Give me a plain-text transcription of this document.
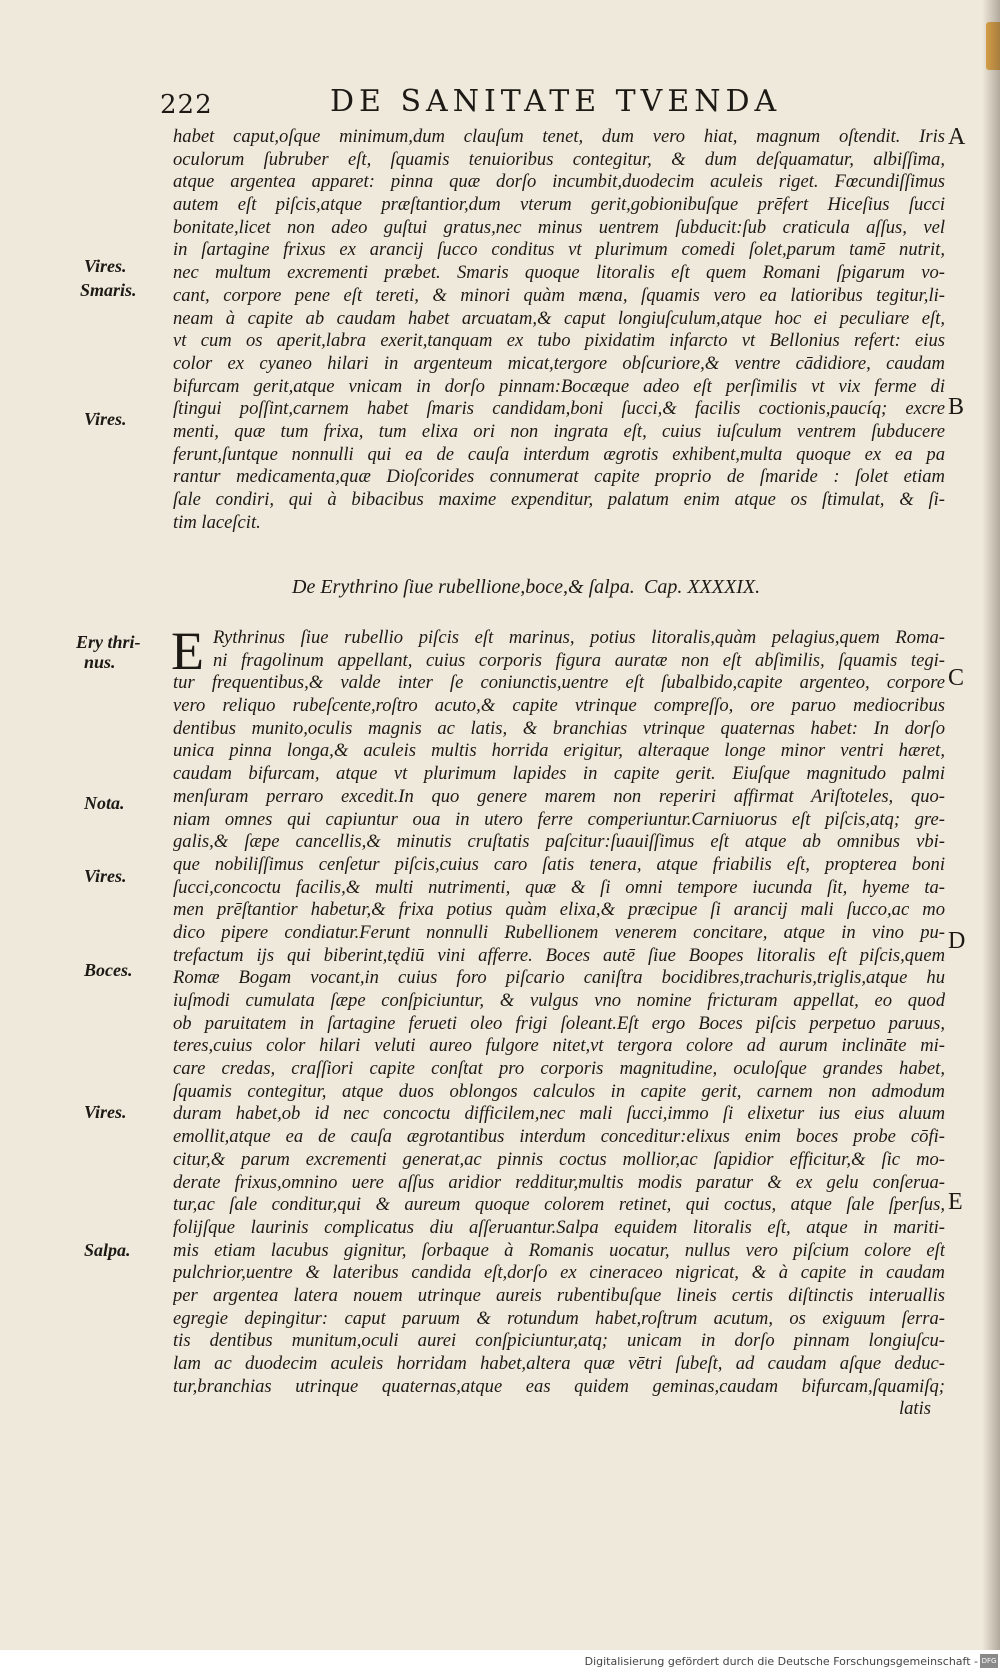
222	DE SANITATE TVENDA
Vires.
Smaris.
Vires.
Ery thri-
nus.
Nota.
Vires.
Boces.
Vires.
Salpa.
A
B
C
D
E
habet caput,oſque minimum,dum clauſum tenet, dum vero hiat, magnum oſtendit. Iris
oculorum ſubruber eſt, ſquamis tenuioribus contegitur, & dum deſquamatur, albiſſima,
atque argentea apparet: pinna quæ dorſo incumbit,duodecim aculeis riget. Fœcundiſſimus
autem eſt piſcis,atque præſtantior,dum vterum gerit,gobionibuſque prēfert Hiceſius ſucci
bonitate,licet non adeo guſtui gratus,nec minus uentrem ſubducit:ſub craticula aſſus, vel
in ſartagine frixus ex arancij ſucco conditus vt plurimum comedi ſolet,parum tamē nutrit,
nec multum excrementi præbet. Smaris quoque litoralis eſt quem Romani ſpigarum vo-
cant, corpore pene eſt tereti, & minori quàm mæna, ſquamis vero ea latioribus tegitur,li-
neam à capite ab caudam habet arcuatam,& caput longiuſculum,atque hoc ei peculiare eſt,
vt cum os aperit,labra exerit,tanquam ex tubo pixidatim infarcto vt Bellonius refert: eius
color ex cyaneo hilari in argenteum micat,tergore obſcuriore,& ventre cādidiore, caudam
bifurcam gerit,atque vnicam in dorſo pinnam:Bocæque adeo eſt perſimilis vt vix ferme di
ſtingui poſſint,carnem habet ſmaris candidam,boni ſucci,& facilis coctionis,paucíq; excre
menti, quæ tum frixa, tum elixa ori non ingrata eſt, cuius iuſculum ventrem ſubducere
ferunt,ſuntque nonnulli qui ea de cauſa interdum ægrotis exhibent,multa quoque ex ea pa
rantur medicamenta,quæ Dioſcorides connumerat capite proprio de ſmaride : ſolet etiam
ſale condiri, qui à bibacibus maxime expenditur, palatum enim atque os ſtimulat, & ſi-
tim laceſcit.
De Erythrino ſiue rubellione,boce,& ſalpa. Cap. XXXXIX.
E Rythrinus ſiue rubellio piſcis eſt marinus, potius litoralis,quàm pelagius,quem Roma-
ni fragolinum appellant, cuius corporis figura auratæ non eſt abſimilis, ſquamis tegi-
tur frequentibus,& valde inter ſe coniunctis,uentre eſt ſubalbido,capite argenteo, corpore
vero reliquo rubeſcente,roſtro acuto,& capite vtrinque compreſſo, ore paruo mediocribus
dentibus munito,oculis magnis ac latis, & branchias vtrinque quaternas habet: In dorſo
unica pinna longa,& aculeis multis horrida erigitur, alteraque longe minor ventri hæret,
caudam bifurcam, atque vt plurimum lapides in capite gerit. Eiuſque magnitudo palmi
menſuram perraro excedit.In quo genere marem non reperiri affirmat Ariſtoteles, quo-
niam omnes qui capiuntur oua in utero ferre comperiuntur.Carniuorus eſt piſcis,atq; gre-
galis,& ſæpe cancellis,& minutis cruſtatis paſcitur:ſuauiſſimus eſt atque ab omnibus vbi-
que nobiliſſimus cenſetur piſcis,cuius caro ſatis tenera, atque friabilis eſt, propterea boni
ſucci,concoctu facilis,& multi nutrimenti, quæ & ſi omni tempore iucunda ſit, hyeme ta-
men prēſtantior habetur,& frixa potius quàm elixa,& præcipue ſi arancij mali ſucco,ac mo
dico pipere condiatur.Ferunt nonnulli Rubellionem venerem concitare, atque in vino pu-
trefactum ijs qui biberint,tędiū vini afferre. Boces autē ſiue Boopes litoralis eſt piſcis,quem
Romæ Bogam vocant,in cuius foro piſcario caniſtra bocidibres,trachuris,triglis,atque hu
iuſmodi cumulata ſæpe conſpiciuntur, & vulgus vno nomine fricturam appellat, eo quod
ob paruitatem in ſartagine ferueti oleo frigi ſoleant.Eſt ergo Boces piſcis perpetuo paruus,
teres,cuius color hilari veluti aureo fulgore nitet,vt tergora colore ad aurum inclināte mi-
care credas, craſſiori capite conſtat pro corporis magnitudine, oculoſque grandes habet,
ſquamis contegitur, atque duos oblongos calculos in capite gerit, carnem non admodum
duram habet,ob id nec concoctu difficilem,nec mali ſucci,immo ſi elixetur ius eius aluum
emollit,atque ea de cauſa ægrotantibus interdum conceditur:elixus enim boces probe cōfi-
citur,& parum excrementi generat,ac pinnis coctus mollior,ac ſapidior efficitur,& ſic mo-
derate frixus,omnino uere aſſus aridior redditur,multis modis paratur & ex gelu conſerua-
tur,ac ſale conditur,qui & aureum quoque colorem retinet, qui coctus, atque ſale ſperſus,
folijſque laurinis complicatus diu aſſeruantur.Salpa equidem litoralis eſt, atque in mariti-
mis etiam lacubus gignitur, ſorbaque à Romanis uocatur, nullus vero piſcium colore eſt
pulchrior,uentre & lateribus candida eſt,dorſo ex cineraceo nigricat, & à capite in caudam
per argentea latera nouem utrinque aureis rubentibuſque lineis certis diſtinctis interuallis
egregie depingitur: caput paruum & rotundum habet,roſtrum acutum, os exiguum ſerra-
tis dentibus munitum,oculi aurei conſpiciuntur,atq; unicam in dorſo pinnam longiuſcu-
lam ac duodecim aculeis horridam habet,altera quæ vētri ſubeſt, ad caudam aſque deduc-
tur,branchias utrinque quaternas,atque eas quidem geminas,caudam bifurcam,ſquamiſq;
latis
Digitalisierung gefördert durch die Deutsche Forschungsgemeinschaft - DFG
